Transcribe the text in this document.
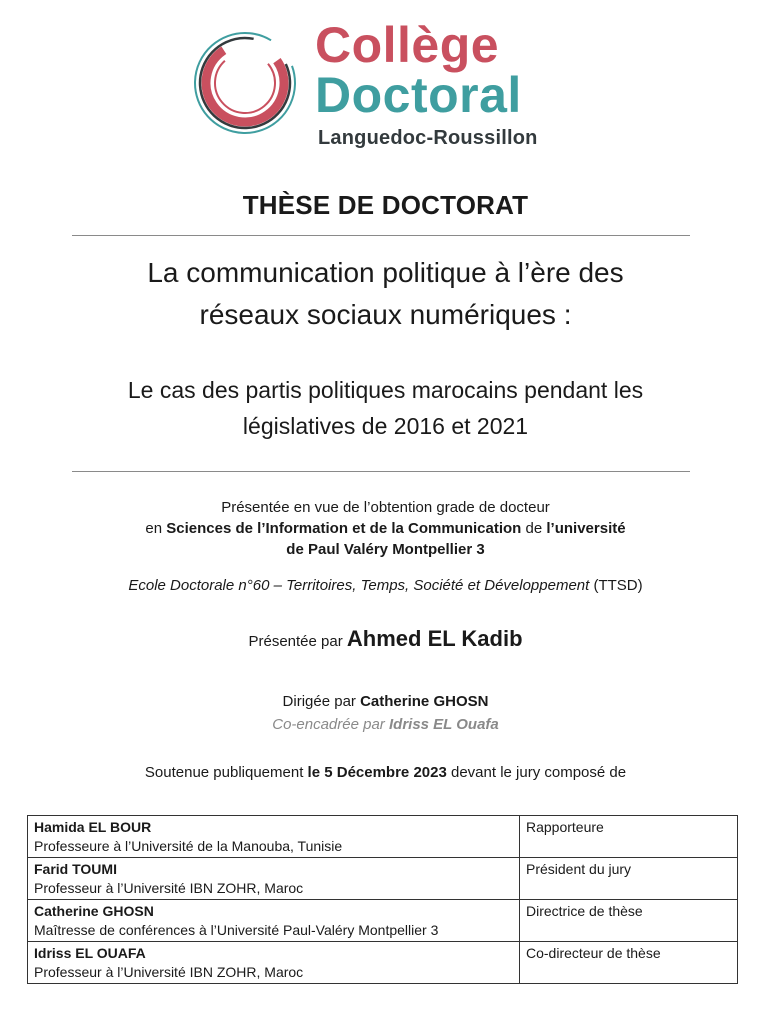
Collège
Doctoral
Languedoc-Roussillon
THÈSE DE DOCTORAT
La communication politique à l’ère des
réseaux sociaux numériques :
Le cas des partis politiques marocains pendant les
législatives de 2016 et 2021
Présentée en vue de l’obtention grade de docteur
en Sciences de l’Information et de la Communication de l’université
de Paul Valéry Montpellier 3
Ecole Doctorale n°60 – Territoires, Temps, Société et Développement (TTSD)
Présentée par Ahmed EL Kadib
Dirigée par Catherine GHOSN
Co-encadrée par Idriss EL Ouafa
Soutenue publiquement le 5 Décembre 2023 devant le jury composé de
Hamida EL BOUR
Professeure à l’Université de la Manouba, Tunisie	Rapporteure

Farid TOUMI
Professeur à l’Université IBN ZOHR, Maroc	Président du jury

Catherine GHOSN
Maîtresse de conférences à l’Université Paul-Valéry Montpellier 3	Directrice de thèse

Idriss EL OUAFA
Professeur à l’Université IBN ZOHR, Maroc	Co-directeur de thèse
